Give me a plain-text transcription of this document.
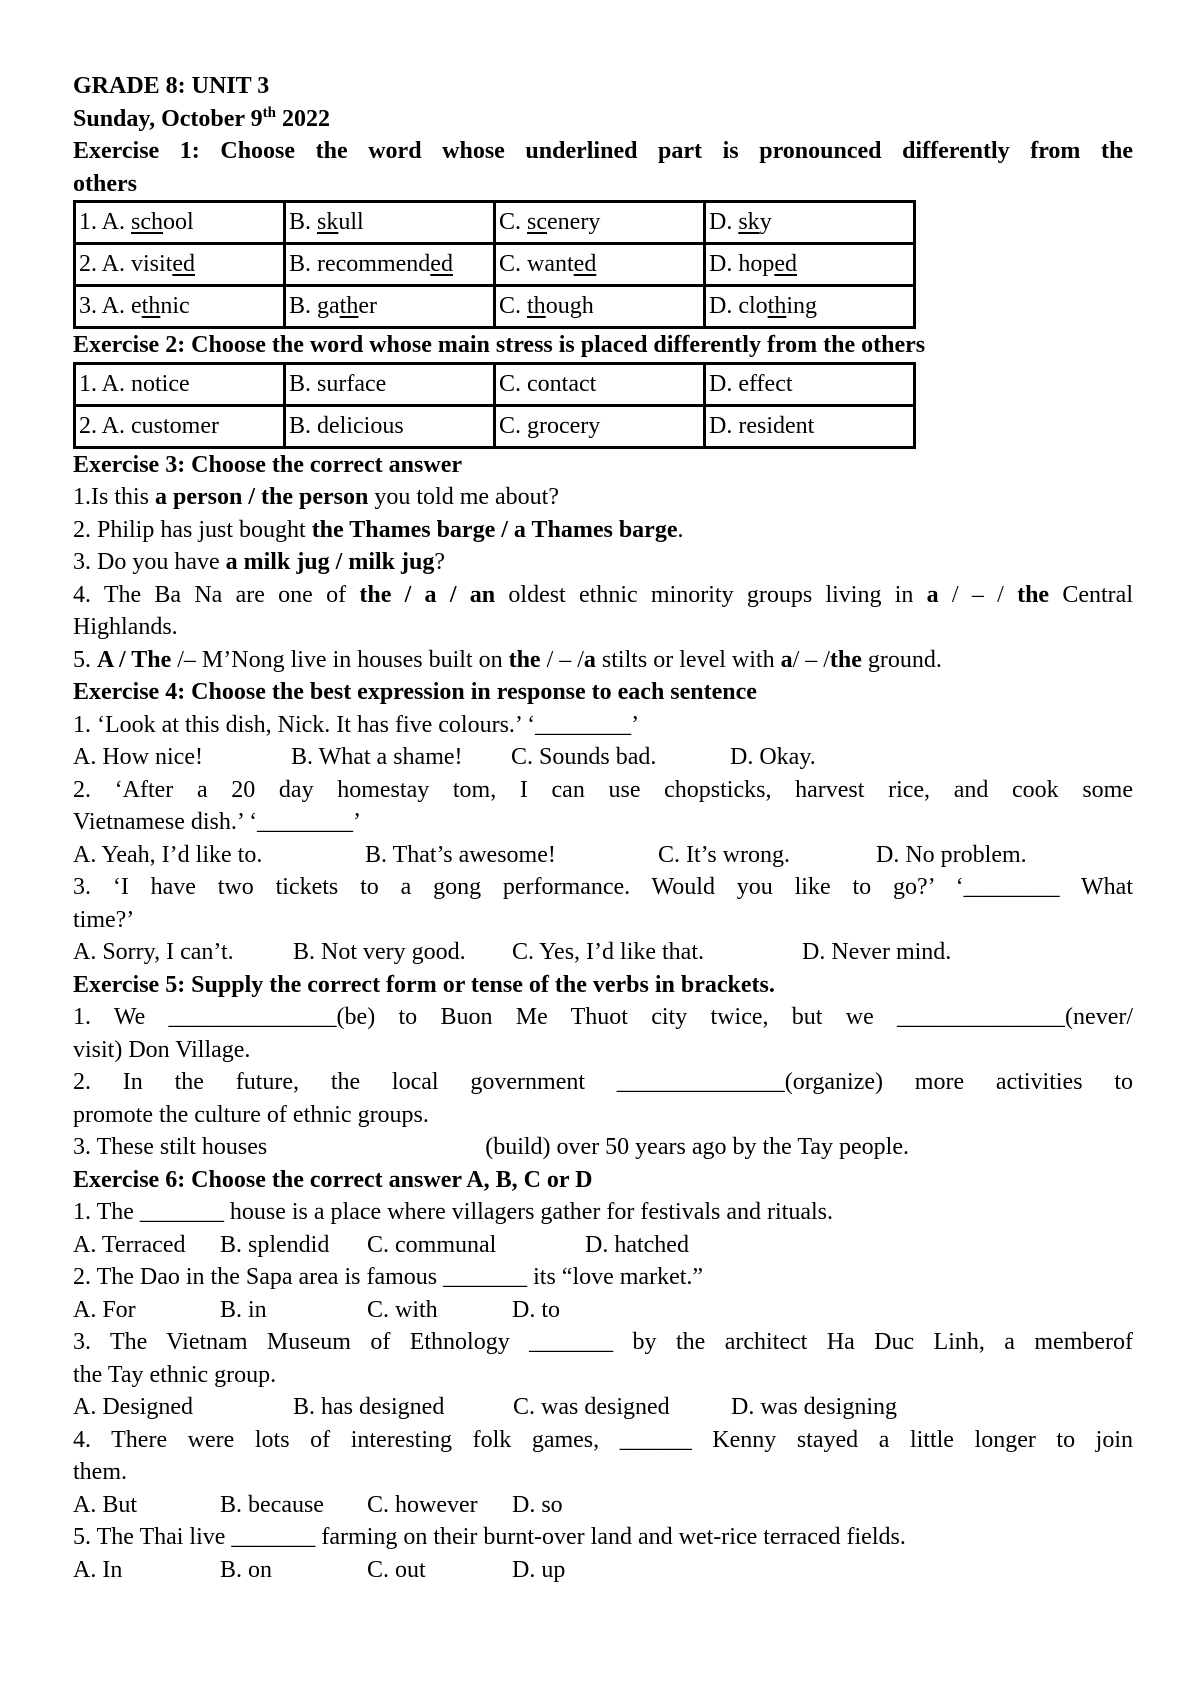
GRADE 8: UNIT 3
Sunday, October 9th 2022
Exercise 1: Choose the word whose underlined part is pronounced differently from the
others
1. A. school	B. skull	C. scenery	D. sky
2. A. visited	B. recommended	C. wanted	D. hoped
3. A. ethnic	B. gather	C. though	D. clothing
Exercise 2: Choose the word whose main stress is placed differently from the others
1. A. notice	B. surface	C. contact	D. effect
2. A. customer	B. delicious	C. grocery	D. resident
Exercise 3: Choose the correct answer
1.Is this a person / the person you told me about?
2. Philip has just bought the Thames barge / a Thames barge.
3. Do you have a milk jug / milk jug?
4. The Ba Na are one of the / a / an oldest ethnic minority groups living in a / – / the Central
Highlands.
5. A / The /– M’Nong live in houses built on the / – /a stilts or level with a/ – /the ground.
Exercise 4: Choose the best expression in response to each sentence
1. ‘Look at this dish, Nick. It has five colours.’ ‘________’
A. How nice!	B. What a shame! C. Sounds bad.	D. Okay.
2. ‘After a 20 day homestay tom, I can use chopsticks, harvest rice, and cook some
Vietnamese dish.’ ‘________’
A. Yeah, I’d like to.	B. That’s awesome!	C. It’s wrong.	D. No problem.
3. ‘I have two tickets to a gong performance. Would you like to go?’ ‘________ What
time?’
A. Sorry, I can’t. B. Not very good. C. Yes, I’d like that.	D. Never mind.
Exercise 5: Supply the correct form or tense of the verbs in brackets.
1. We ______________(be) to Buon Me Thuot city twice, but we ______________(never/
visit) Don Village.
2. In the future, the local government ______________(organize) more activities to
promote the culture of ethnic groups.
3. These stilt houses	(build) over 50 years ago by the Tay people.
Exercise 6: Choose the correct answer A, B, C or D
1. The _______ house is a place where villagers gather for festivals and rituals.
A. Terraced B. splendid C. communal	D. hatched
2. The Dao in the Sapa area is famous _______ its “love market.”
A. For	B. in	C. with	D. to
3. The Vietnam Museum of Ethnology _______ by the architect Ha Duc Linh, a memberof
the Tay ethnic group.
A. Designed	B. has designed	C. was designed	D. was designing
4. There were lots of interesting folk games, ______ Kenny stayed a little longer to join
them.
A. But	B. because C. however D. so
5. The Thai live _______ farming on their burnt-over land and wet-rice terraced fields.
A. In	B. on	C. out	D. up
